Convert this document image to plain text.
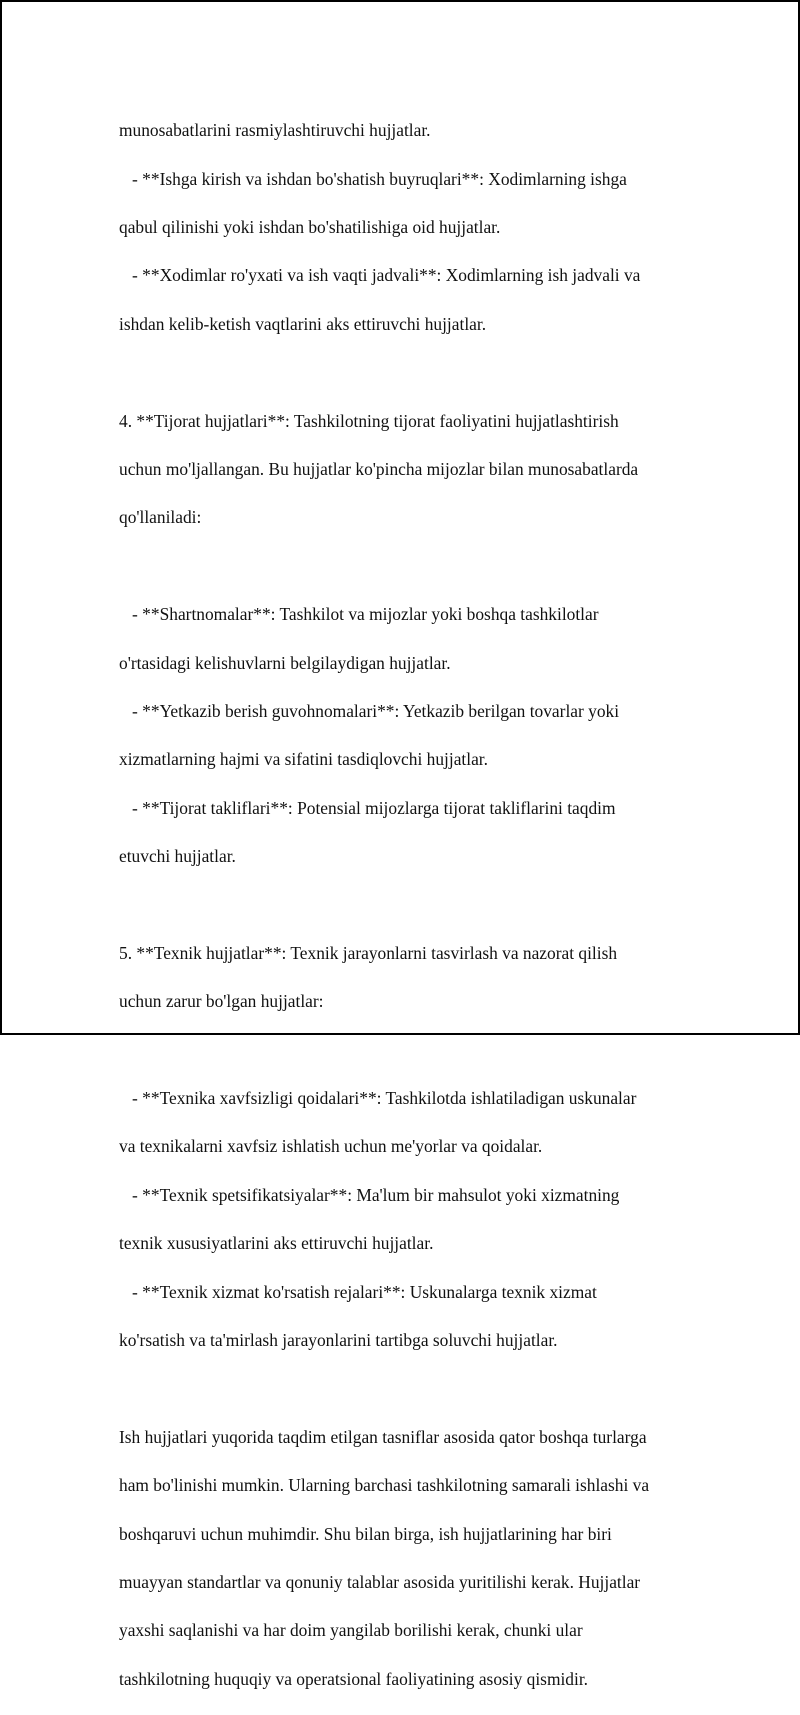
munosabatlarini rasmiylashtiruvchi hujjatlar.

- **Ishga kirish va ishdan bo'shatish buyruqlari**: Xodimlarning ishga

qabul qilinishi yoki ishdan bo'shatilishiga oid hujjatlar.

- **Xodimlar ro'yxati va ish vaqti jadvali**: Xodimlarning ish jadvali va

ishdan kelib-ketish vaqtlarini aks ettiruvchi hujjatlar.

4. **Tijorat hujjatlari**: Tashkilotning tijorat faoliyatini hujjatlashtirish

uchun mo'ljallangan. Bu hujjatlar ko'pincha mijozlar bilan munosabatlarda

qo'llaniladi:

- **Shartnomalar**: Tashkilot va mijozlar yoki boshqa tashkilotlar

o'rtasidagi kelishuvlarni belgilaydigan hujjatlar.

- **Yetkazib berish guvohnomalari**: Yetkazib berilgan tovarlar yoki

xizmatlarning hajmi va sifatini tasdiqlovchi hujjatlar.

- **Tijorat takliflari**: Potensial mijozlarga tijorat takliflarini taqdim

etuvchi hujjatlar.

5. **Texnik hujjatlar**: Texnik jarayonlarni tasvirlash va nazorat qilish

uchun zarur bo'lgan hujjatlar:

- **Texnika xavfsizligi qoidalari**: Tashkilotda ishlatiladigan uskunalar

va texnikalarni xavfsiz ishlatish uchun me'yorlar va qoidalar.

- **Texnik spetsifikatsiyalar**: Ma'lum bir mahsulot yoki xizmatning

texnik xususiyatlarini aks ettiruvchi hujjatlar.

- **Texnik xizmat ko'rsatish rejalari**: Uskunalarga texnik xizmat

ko'rsatish va ta'mirlash jarayonlarini tartibga soluvchi hujjatlar.

Ish hujjatlari yuqorida taqdim etilgan tasniflar asosida qator boshqa turlarga

ham bo'linishi mumkin. Ularning barchasi tashkilotning samarali ishlashi va

boshqaruvi uchun muhimdir. Shu bilan birga, ish hujjatlarining har biri

muayyan standartlar va qonuniy talablar asosida yuritilishi kerak. Hujjatlar

yaxshi saqlanishi va har doim yangilab borilishi kerak, chunki ular

tashkilotning huquqiy va operatsional faoliyatining asosiy qismidir.
